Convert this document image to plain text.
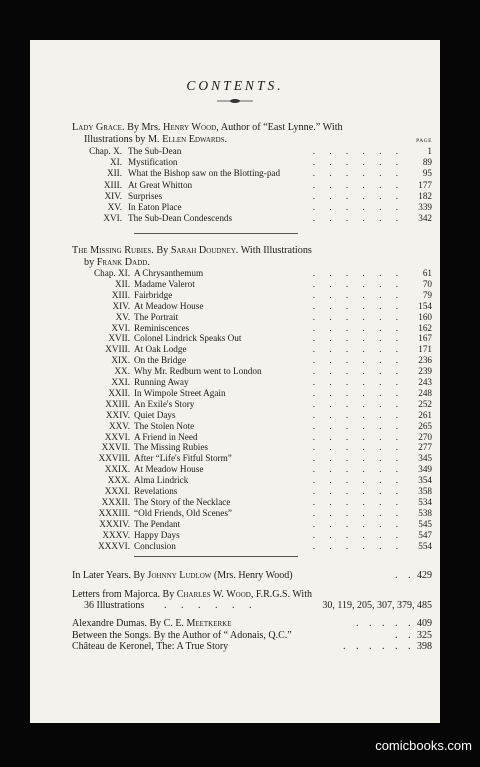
CONTENTS.
Lady Grace. By Mrs. Henry Wood, Author of “East Lynne.” With
Illustrations by M. Ellen Edwards.	PAGE
Chap. X. The Sub-Dean	. . . . . .	1
XI. Mystification	. . . . . .	89
XII. What the Bishop saw on the Blotting-pad	. . . . . .	95
XIII. At Great Whitton	. . . . . .	177
XIV. Surprises	. . . . . .	182
XV. In Eaton Place	. . . . . .	339
XVI. The Sub-Dean Condescends	. . . . . .	342
The Missing Rubies. By Sarah Doudney. With Illustrations
by Frank Dadd.
Chap. XI. A Chrysanthemum	. . . . . .	61
XII. Madame Valerot	. . . . . .	70
XIII. Fairbridge	. . . . . .	79
XIV. At Meadow House	. . . . . .	154
XV. The Portrait	. . . . . .	160
XVI. Reminiscences	. . . . . .	162
XVII. Colonel Lindrick Speaks Out	. . . . . .	167
XVIII. At Oak Lodge	. . . . . .	171
XIX. On the Bridge	. . . . . .	236
XX. Why Mr. Redburn went to London	. . . . . .	239
XXI. Running Away	. . . . . .	243
XXII. In Wimpole Street Again	. . . . . .	248
XXIII. An Exile's Story	. . . . . .	252
XXIV. Quiet Days	. . . . . .	261
XXV. The Stolen Note	. . . . . .	265
XXVI. A Friend in Need	. . . . . .	270
XXVII. The Missing Rubies	. . . . . .	277
XXVIII. After “Life's Fitful Storm”	. . . . . .	345
XXIX. At Meadow House	. . . . . .	349
XXX. Alma Lindrick	. . . . . .	354
XXXI. Revelations	. . . . . .	358
XXXII. The Story of the Necklace	. . . . . .	534
XXXIII. “Old Friends, Old Scenes”	. . . . . .	538
XXXIV. The Pendant	. . . . . .	545
XXXV. Happy Days	. . . . . .	547
XXXVI. Conclusion	. . . . . .	554
In Later Years. By Johnny Ludlow (Mrs. Henry Wood)	. . 429
Letters from Majorca. By Charles W. Wood, F.R.G.S. With
36 Illustrations . . . . . .	30, 119, 205, 307, 379, 485
Alexandre Dumas. By C. E. Meetkerke	. . . . . 409
Between the Songs. By the Author of “ Adonais, Q.C.”	. . 325
Château de Keronel, The: A True Story	. . . . . . 398
comicbooks.com
